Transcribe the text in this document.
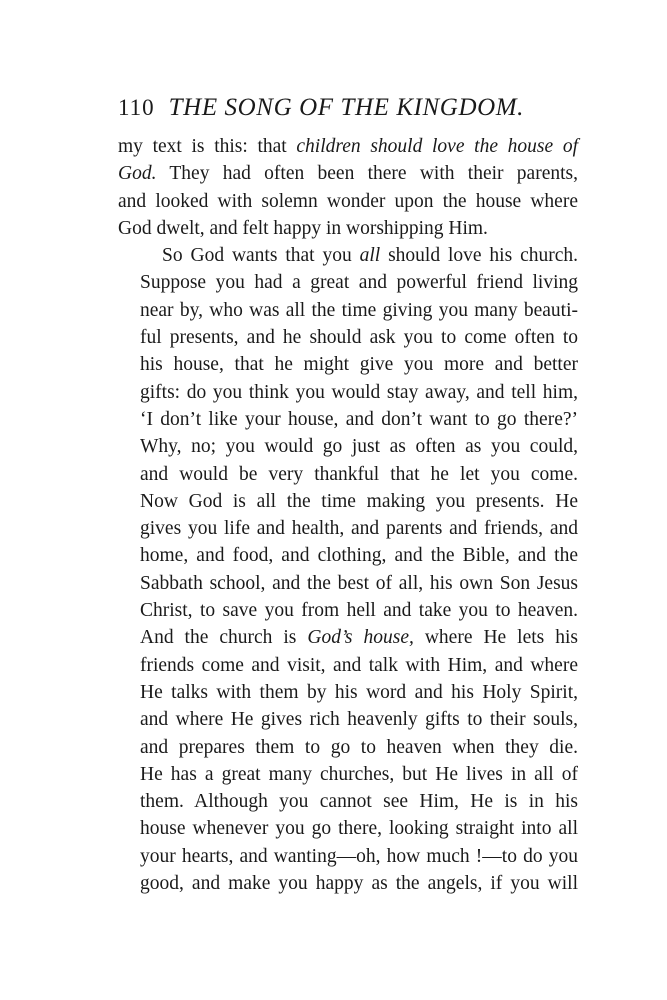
110 THE SONG OF THE KINGDOM.

my text is this: that children should love the house of
God. They had often been there with their parents,
and looked with solemn wonder upon the house where
God dwelt, and felt happy in worshipping Him.

So God wants that you all should love his church.
Suppose you had a great and powerful friend living
near by, who was all the time giving you many beauti-
ful presents, and he should ask you to come often to
his house, that he might give you more and better
gifts: do you think you would stay away, and tell him,
‘I don’t like your house, and don’t want to go there?’
Why, no; you would go just as often as you could,
and would be very thankful that he let you come.
Now God is all the time making you presents. He
gives you life and health, and parents and friends, and
home, and food, and clothing, and the Bible, and the
Sabbath school, and the best of all, his own Son Jesus
Christ, to save you from hell and take you to heaven.
And the church is God’s house, where He lets his
friends come and visit, and talk with Him, and where
He talks with them by his word and his Holy Spirit,
and where He gives rich heavenly gifts to their souls,
and prepares them to go to heaven when they die.
He has a great many churches, but He lives in all of
them. Although you cannot see Him, He is in his
house whenever you go there, looking straight into all
your hearts, and wanting—oh, how much !—to do you
good, and make you happy as the angels, if you will
